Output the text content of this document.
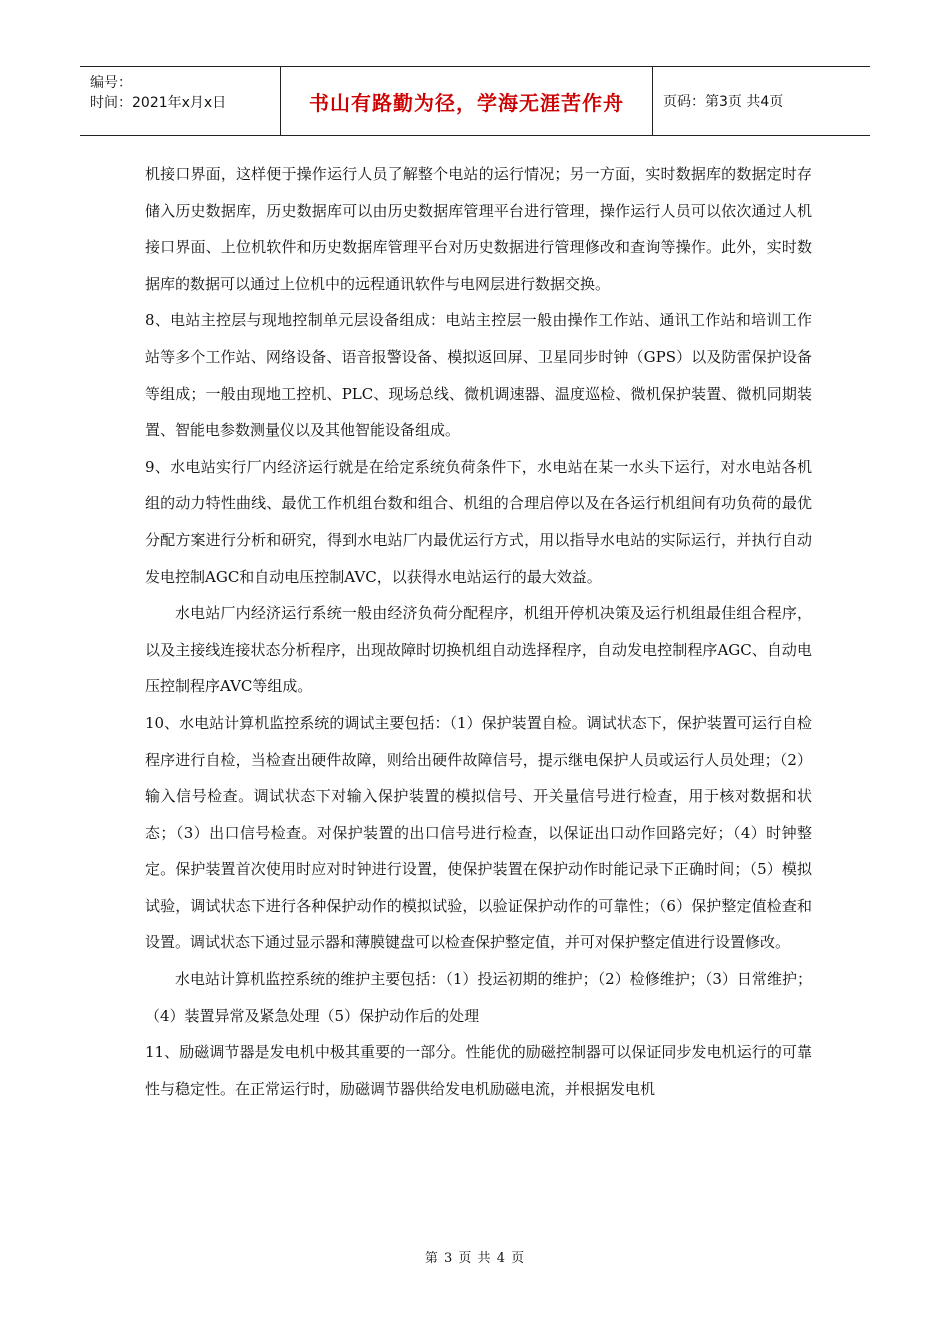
编号：
时间：2021年x月x日	书山有路勤为径，学海无涯苦作舟	页码：第3页 共4页

机接口界面，这样便于操作运行人员了解整个电站的运行情况；另一方面，实时数据库的数据定时存储入历史数据库，历史数据库可以由历史数据库管理平台进行管理，操作运行人员可以依次通过人机接口界面、上位机软件和历史数据库管理平台对历史数据进行管理修改和查询等操作。此外，实时数据库的数据可以通过上位机中的远程通讯软件与电网层进行数据交换。

8、电站主控层与现地控制单元层设备组成：电站主控层一般由操作工作站、通讯工作站和培训工作站等多个工作站、网络设备、语音报警设备、模拟返回屏、卫星同步时钟（GPS）以及防雷保护设备等组成；一般由现地工控机、PLC、现场总线、微机调速器、温度巡检、微机保护装置、微机同期装置、智能电参数测量仪以及其他智能设备组成。

9、水电站实行厂内经济运行就是在给定系统负荷条件下，水电站在某一水头下运行，对水电站各机组的动力特性曲线、最优工作机组台数和组合、机组的合理启停以及在各运行机组间有功负荷的最优分配方案进行分析和研究，得到水电站厂内最优运行方式，用以指导水电站的实际运行，并执行自动发电控制AGC和自动电压控制AVC，以获得水电站运行的最大效益。

水电站厂内经济运行系统一般由经济负荷分配程序，机组开停机决策及运行机组最佳组合程序，以及主接线连接状态分析程序，出现故障时切换机组自动选择程序，自动发电控制程序AGC、自动电压控制程序AVC等组成。

10、水电站计算机监控系统的调试主要包括：（1）保护装置自检。调试状态下，保护装置可运行自检程序进行自检，当检查出硬件故障，则给出硬件故障信号，提示继电保护人员或运行人员处理；（2）输入信号检查。调试状态下对输入保护装置的模拟信号、开关量信号进行检查，用于核对数据和状态；（3）出口信号检查。对保护装置的出口信号进行检查，以保证出口动作回路完好；（4）时钟整定。保护装置首次使用时应对时钟进行设置，使保护装置在保护动作时能记录下正确时间；（5）模拟试验，调试状态下进行各种保护动作的模拟试验，以验证保护动作的可靠性；（6）保护整定值检查和设置。调试状态下通过显示器和薄膜键盘可以检查保护整定值，并可对保护整定值进行设置修改。

水电站计算机监控系统的维护主要包括：（1）投运初期的维护；（2）检修维护；（3）日常维护；（4）装置异常及紧急处理（5）保护动作后的处理

11、励磁调节器是发电机中极其重要的一部分。性能优的励磁控制器可以保证同步发电机运行的可靠性与稳定性。在正常运行时，励磁调节器供给发电机励磁电流，并根据发电机

第 3 页 共 4 页
